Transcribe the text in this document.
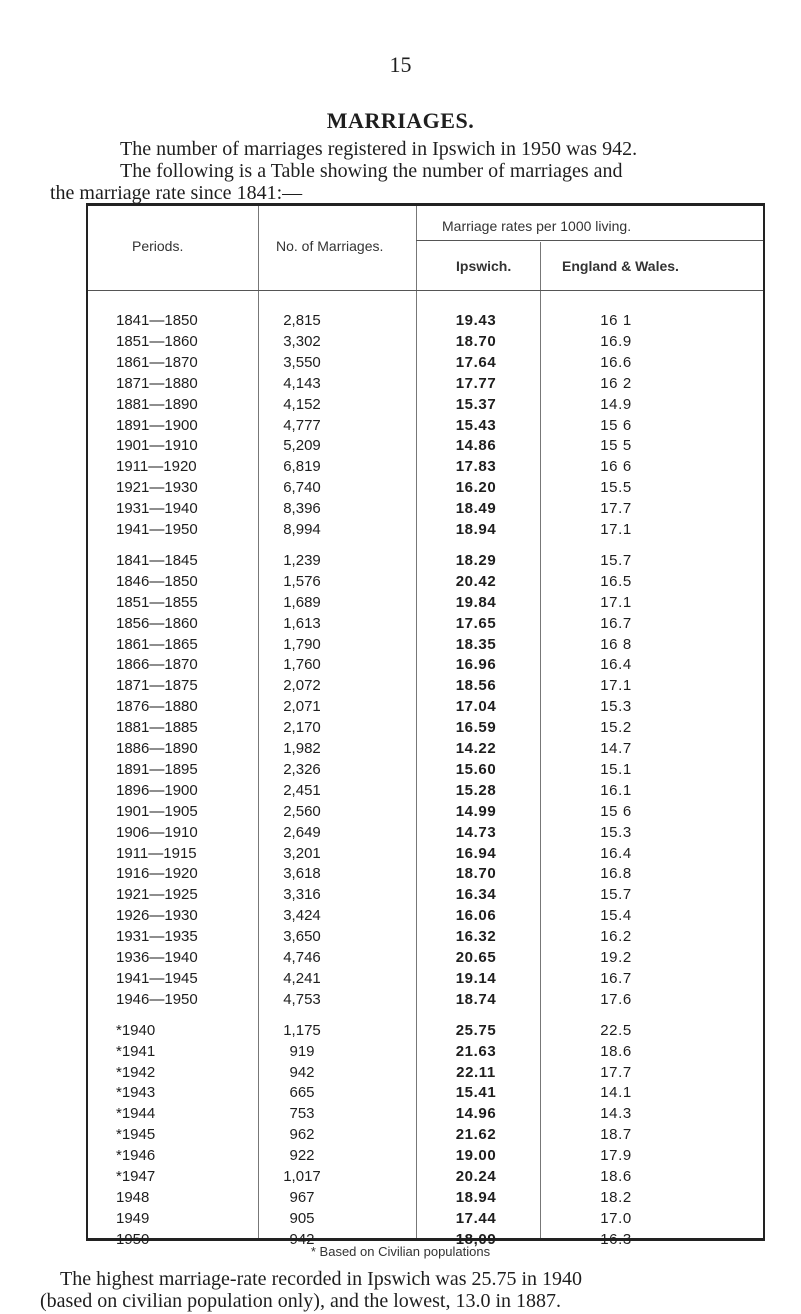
15
MARRIAGES.
The number of marriages registered in Ipswich in 1950 was 942.
The following is a Table showing the number of marriages and
the marriage rate since 1841:—
Periods.	No. of Marriages.
Marriage rates per 1000 living.
Ipswich.	England & Wales.
1841—1850	2,815	19.43	16 1
1851—1860	3,302	18.70	16.9
1861—1870	3,550	17.64	16.6
1871—1880	4,143	17.77	16 2
1881—1890	4,152	15.37	14.9
1891—1900	4,777	15.43	15 6
1901—1910	5,209	14.86	15 5
1911—1920	6,819	17.83	16 6
1921—1930	6,740	16.20	15.5
1931—1940	8,396	18.49	17.7
1941—1950	8,994	18.94	17.1
1841—1845	1,239	18.29	15.7
1846—1850	1,576	20.42	16.5
1851—1855	1,689	19.84	17.1
1856—1860	1,613	17.65	16.7
1861—1865	1,790	18.35	16 8
1866—1870	1,760	16.96	16.4
1871—1875	2,072	18.56	17.1
1876—1880	2,071	17.04	15.3
1881—1885	2,170	16.59	15.2
1886—1890	1,982	14.22	14.7
1891—1895	2,326	15.60	15.1
1896—1900	2,451	15.28	16.1
1901—1905	2,560	14.99	15 6
1906—1910	2,649	14.73	15.3
1911—1915	3,201	16.94	16.4
1916—1920	3,618	18.70	16.8
1921—1925	3,316	16.34	15.7
1926—1930	3,424	16.06	15.4
1931—1935	3,650	16.32	16.2
1936—1940	4,746	20.65	19.2
1941—1945	4,241	19.14	16.7
1946—1950	4,753	18.74	17.6
*1940	1,175	25.75	22.5
*1941	919	21.63	18.6
*1942	942	22.11	17.7
*1943	665	15.41	14.1
*1944	753	14.96	14.3
*1945	962	21.62	18.7
*1946	922	19.00	17.9
*1947	1,017	20.24	18.6
1948	967	18.94	18.2
1949	905	17.44	17.0
1950	942	18,09	16.3
* Based on Civilian populations
The highest marriage-rate recorded in Ipswich was 25.75 in 1940
(based on civilian population only), and the lowest, 13.0 in 1887.
